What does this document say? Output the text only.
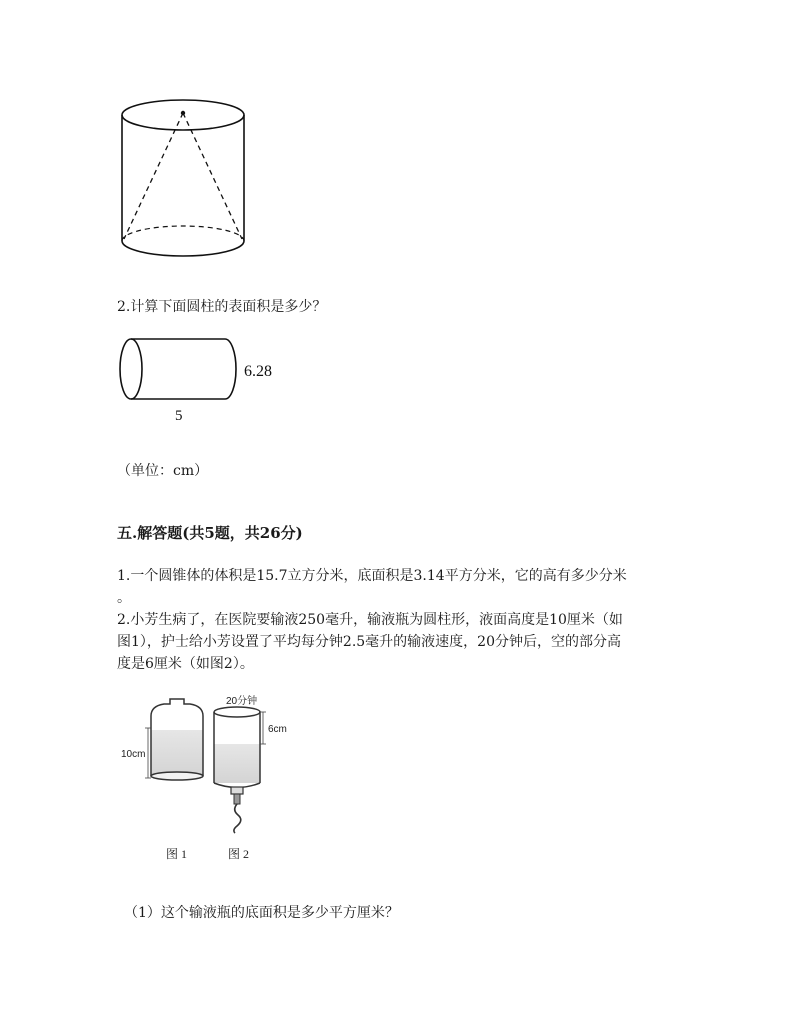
2.计算下面圆柱的表面积是多少？
6.28
5
（单位：cm）
五.解答题(共5题，共26分)
1.一个圆锥体的体积是15.7立方分米，底面积是3.14平方分米，它的高有多少分米
。
2.小芳生病了，在医院要输液250毫升，输液瓶为圆柱形，液面高度是10厘米（如
图1），护士给小芳设置了平均每分钟2.5毫升的输液速度，20分钟后，空的部分高
度是6厘米（如图2）。
10cm
20分钟
6cm
图 1	图 2
（1）这个输液瓶的底面积是多少平方厘米？
